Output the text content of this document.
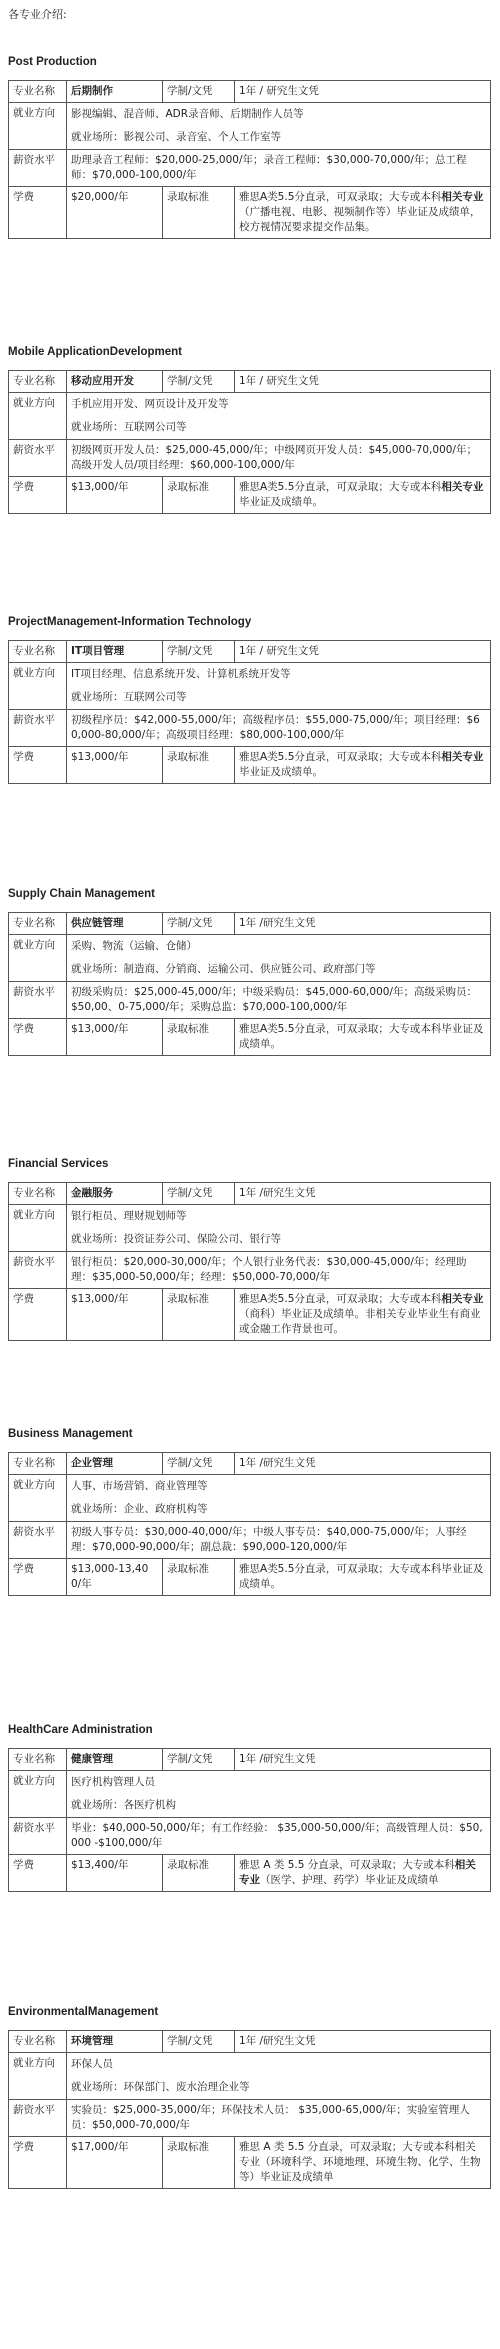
各专业介绍:
Post Production
专业名称	后期制作	学制/文凭	1年 / 研究生文凭
就业方向	影视编辑、混音师、ADR录音师、后期制作人员等
就业场所：影视公司、录音室、个人工作室等		

薪资水平	助理录音工程师：$20,000-25,000/年；录音工程师：$30,000-70,000/年；总工程师：$70,000-100,000/年		
学费	$20,000/年	录取标准	雅思A类5.5分直录，可双录取；大专或本科相关专业（广播电视、电影、视频制作等）毕业证及成绩单，校方视情况要求提交作品集。
Mobile ApplicationDevelopment
专业名称	移动应用开发	学制/文凭	1年 / 研究生文凭
就业方向	手机应用开发、网页设计及开发等
就业场所：互联网公司等		

薪资水平	初级网页开发人员：$25,000-45,000/年；中级网页开发人员：$45,000-70,000/年；高级开发人员/项目经理：$60,000-100,000/年		
学费	$13,000/年	录取标准	雅思A类5.5分直录，可双录取；大专或本科相关专业毕业证及成绩单。
ProjectManagement-Information Technology
专业名称	IT项目管理	学制/文凭	1年 / 研究生文凭
就业方向	IT项目经理、信息系统开发、计算机系统开发等
就业场所：互联网公司等		

薪资水平	初级程序员：$42,000-55,000/年；高级程序员：$55,000-75,000/年；项目经理：$60,000-80,000/年；高级项目经理：$80,000-100,000/年		
学费	$13,000/年	录取标准	雅思A类5.5分直录，可双录取；大专或本科相关专业毕业证及成绩单。
Supply Chain Management
专业名称	供应链管理	学制/文凭	1年 /研究生文凭
就业方向	采购、物流（运输、仓储）
就业场所：制造商、分销商、运输公司、供应链公司、政府部门等		

薪资水平	初级采购员：$25,000-45,000/年；中级采购员：$45,000-60,000/年；高级采购员：$50,00、0-75,000/年；采购总监：$70,000-100,000/年		
学费	$13,000/年	录取标准	雅思A类5.5分直录，可双录取；大专或本科毕业证及成绩单。
Financial Services
专业名称	金融服务	学制/文凭	1年 /研究生文凭
就业方向	银行柜员、理财规划师等
就业场所：投资证券公司、保险公司、银行等		

薪资水平	银行柜员：$20,000-30,000/年；个人银行业务代表：$30,000-45,000/年；经理助理：$35,000-50,000/年；经理：$50,000-70,000/年		
学费	$13,000/年	录取标准	雅思A类5.5分直录，可双录取；大专或本科相关专业（商科）毕业证及成绩单。非相关专业毕业生有商业或金融工作背景也可。
Business Management
专业名称	企业管理	学制/文凭	1年 /研究生文凭
就业方向	人事、市场营销、商业管理等
就业场所：企业、政府机构等		

薪资水平	初级人事专员：$30,000-40,000/年；中级人事专员：$40,000-75,000/年；人事经理：$70,000-90,000/年；副总裁：$90,000-120,000/年		
学费	$13,000-13,400/年	录取标准	雅思A类5.5分直录，可双录取；大专或本科毕业证及成绩单。
HealthCare Administration
专业名称	健康管理	学制/文凭	1年 /研究生文凭
就业方向	医疗机构管理人员
就业场所：各医疗机构		

薪资水平	毕业：$40,000-50,000/年；有工作经验： $35,000-50,000/年；高级管理人员：$50,000 -$100,000/年		
学费	$13,400/年	录取标准	雅思 A 类 5.5 分直录，可双录取；大专或本科相关专业（医学、护理、药学）毕业证及成绩单
EnvironmentalManagement
专业名称	环境管理	学制/文凭	1年 /研究生文凭
就业方向	环保人员
就业场所：环保部门、废水治理企业等		

薪资水平	实验员：$25,000-35,000/年；环保技术人员： $35,000-65,000/年；实验室管理人员：$50,000-70,000/年		
学费	$17,000/年	录取标准	雅思 A 类 5.5 分直录，可双录取；大专或本科相关专业（环境科学、环境地理、环境生物、化学、生物等）毕业证及成绩单
